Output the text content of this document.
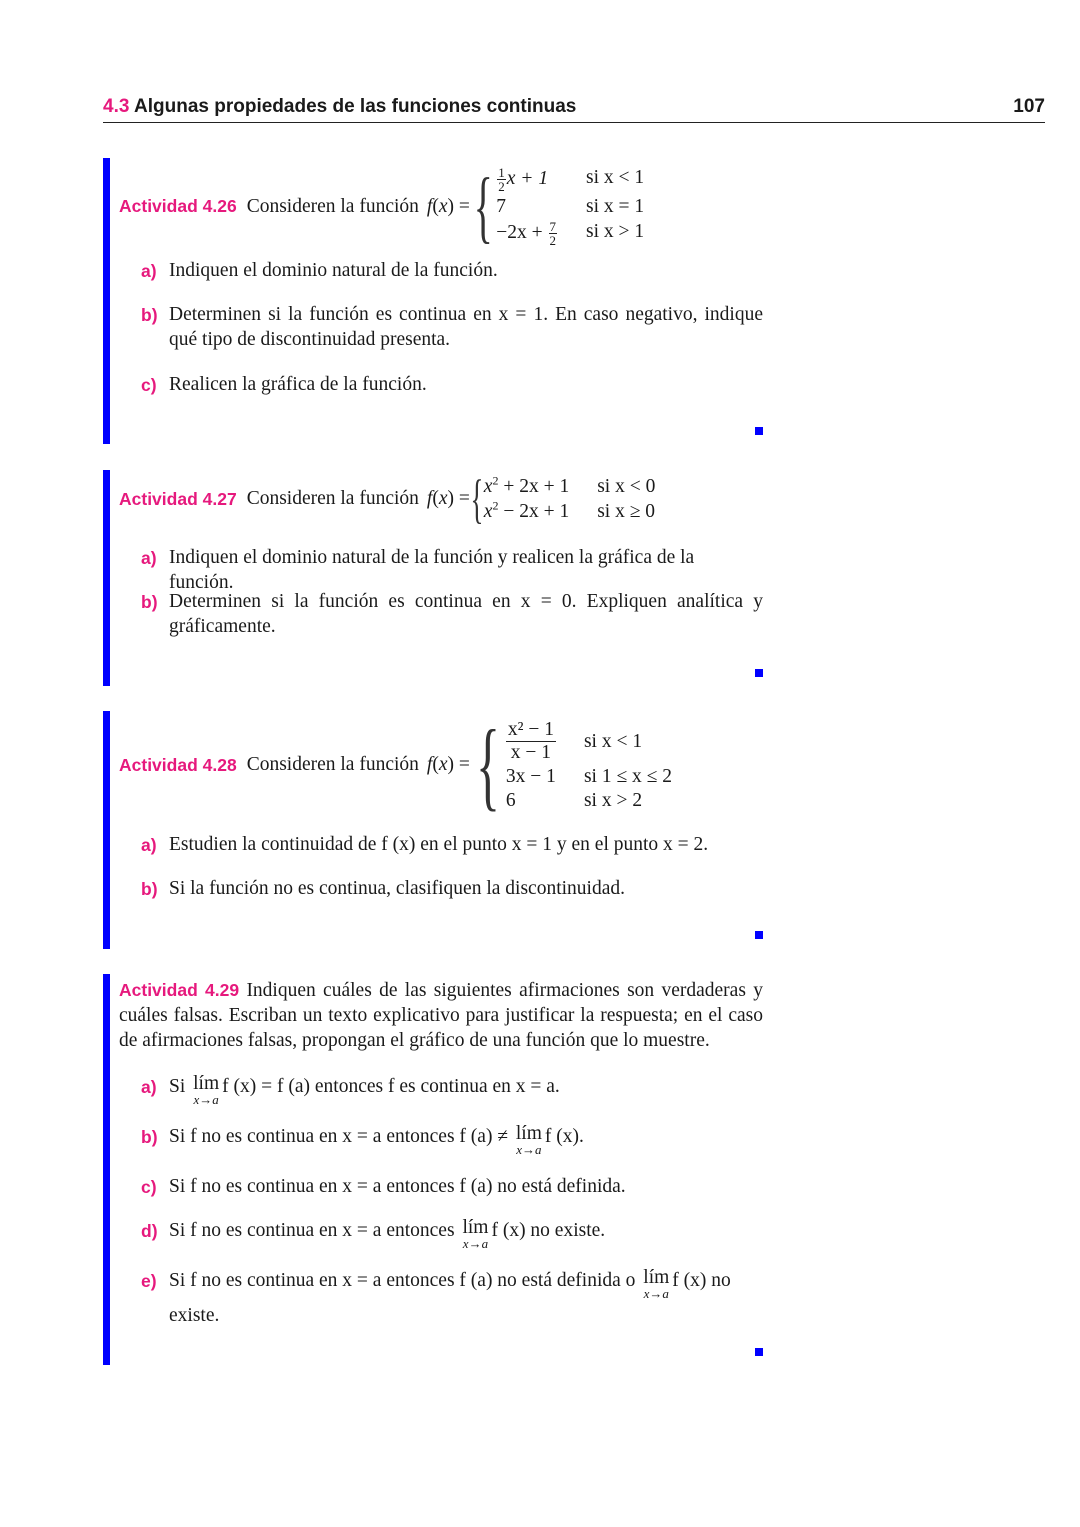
4.3 Algunas propiedades de las funciones continuas	107
Actividad 4.26 Consideren la función f(x) = { $\frac{1}{2}$ x + 1	si x < 1
7	si x = 1
$-2x + \frac{7}{2}$ si x > 1
a) Indiquen el dominio natural de la función.
b) Determinen si la función es continua en x = 1. En caso negativo, indique qué tipo de discontinuidad presenta.
c) Realicen la gráfica de la función.
Actividad 4.27 Consideren la función f(x) = { $x^2 + 2x + 1$ si x < 0
$x^2 - 2x + 1$ si x ≥ 0
a) Indiquen el dominio natural de la función y realicen la gráfica de la función.
b) Determinen si la función es continua en x = 0. Expliquen analítica y gráficamente.
Actividad 4.28 Consideren la función f(x) = { x² − 1
x − 1
si x < 1
3x − 1 si 1 ≤ x ≤ 2
6	si x > 2
a) Estudien la continuidad de f (x) en el punto x = 1 y en el punto x = 2.
b) Si la función no es continua, clasifiquen la discontinuidad.

Actividad 4.29 Indiquen cuáles de las siguientes afirmaciones son verdaderas y cuáles falsas. Escriban un texto explicativo para justificar la respuesta; en el caso de afirmaciones falsas, propongan el gráfico de una función que lo muestre.

a) Si lím
x→a
f (x) = f (a) entonces f es continua en x = a.
b) Si f no es continua en x = a entonces f (a) ≠ lím
x→a
f (x).
c) Si f no es continua en x = a entonces f (a) no está definida.
d) Si f no es continua en x = a entonces lím
x→a
f (x) no existe.
e) Si f no es continua en x = a entonces f (a) no está definida o lím
x→a
f (x) no
existe.
